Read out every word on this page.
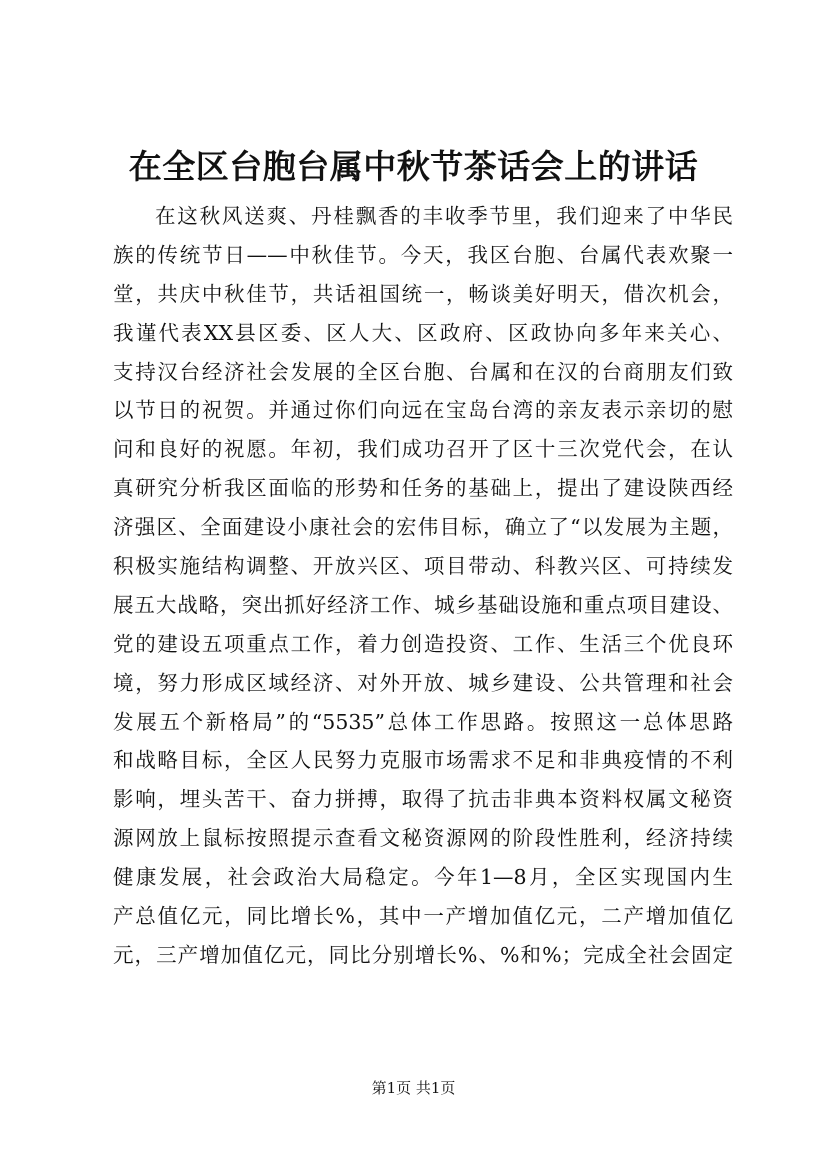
在全区台胞台属中秋节茶话会上的讲话
在这秋风送爽、丹桂飘香的丰收季节里，我们迎来了中华民
族的传统节日——中秋佳节。今天，我区台胞、台属代表欢聚一
堂，共庆中秋佳节，共话祖国统一，畅谈美好明天，借次机会，
我谨代表XX县区委、区人大、区政府、区政协向多年来关心、
支持汉台经济社会发展的全区台胞、台属和在汉的台商朋友们致
以节日的祝贺。并通过你们向远在宝岛台湾的亲友表示亲切的慰
问和良好的祝愿。年初，我们成功召开了区十三次党代会，在认
真研究分析我区面临的形势和任务的基础上，提出了建设陕西经
济强区、全面建设小康社会的宏伟目标，确立了“以发展为主题，
积极实施结构调整、开放兴区、项目带动、科教兴区、可持续发
展五大战略，突出抓好经济工作、城乡基础设施和重点项目建设、
党的建设五项重点工作，着力创造投资、工作、生活三个优良环
境，努力形成区域经济、对外开放、城乡建设、公共管理和社会
发展五个新格局”的“5535”总体工作思路。按照这一总体思路
和战略目标，全区人民努力克服市场需求不足和非典疫情的不利
影响，埋头苦干、奋力拼搏，取得了抗击非典本资料权属文秘资
源网放上鼠标按照提示查看文秘资源网的阶段性胜利，经济持续
健康发展，社会政治大局稳定。今年1—8月，全区实现国内生
产总值亿元，同比增长%，其中一产增加值亿元，二产增加值亿
元，三产增加值亿元，同比分别增长%、%和%；完成全社会固定
第1页 共1页
